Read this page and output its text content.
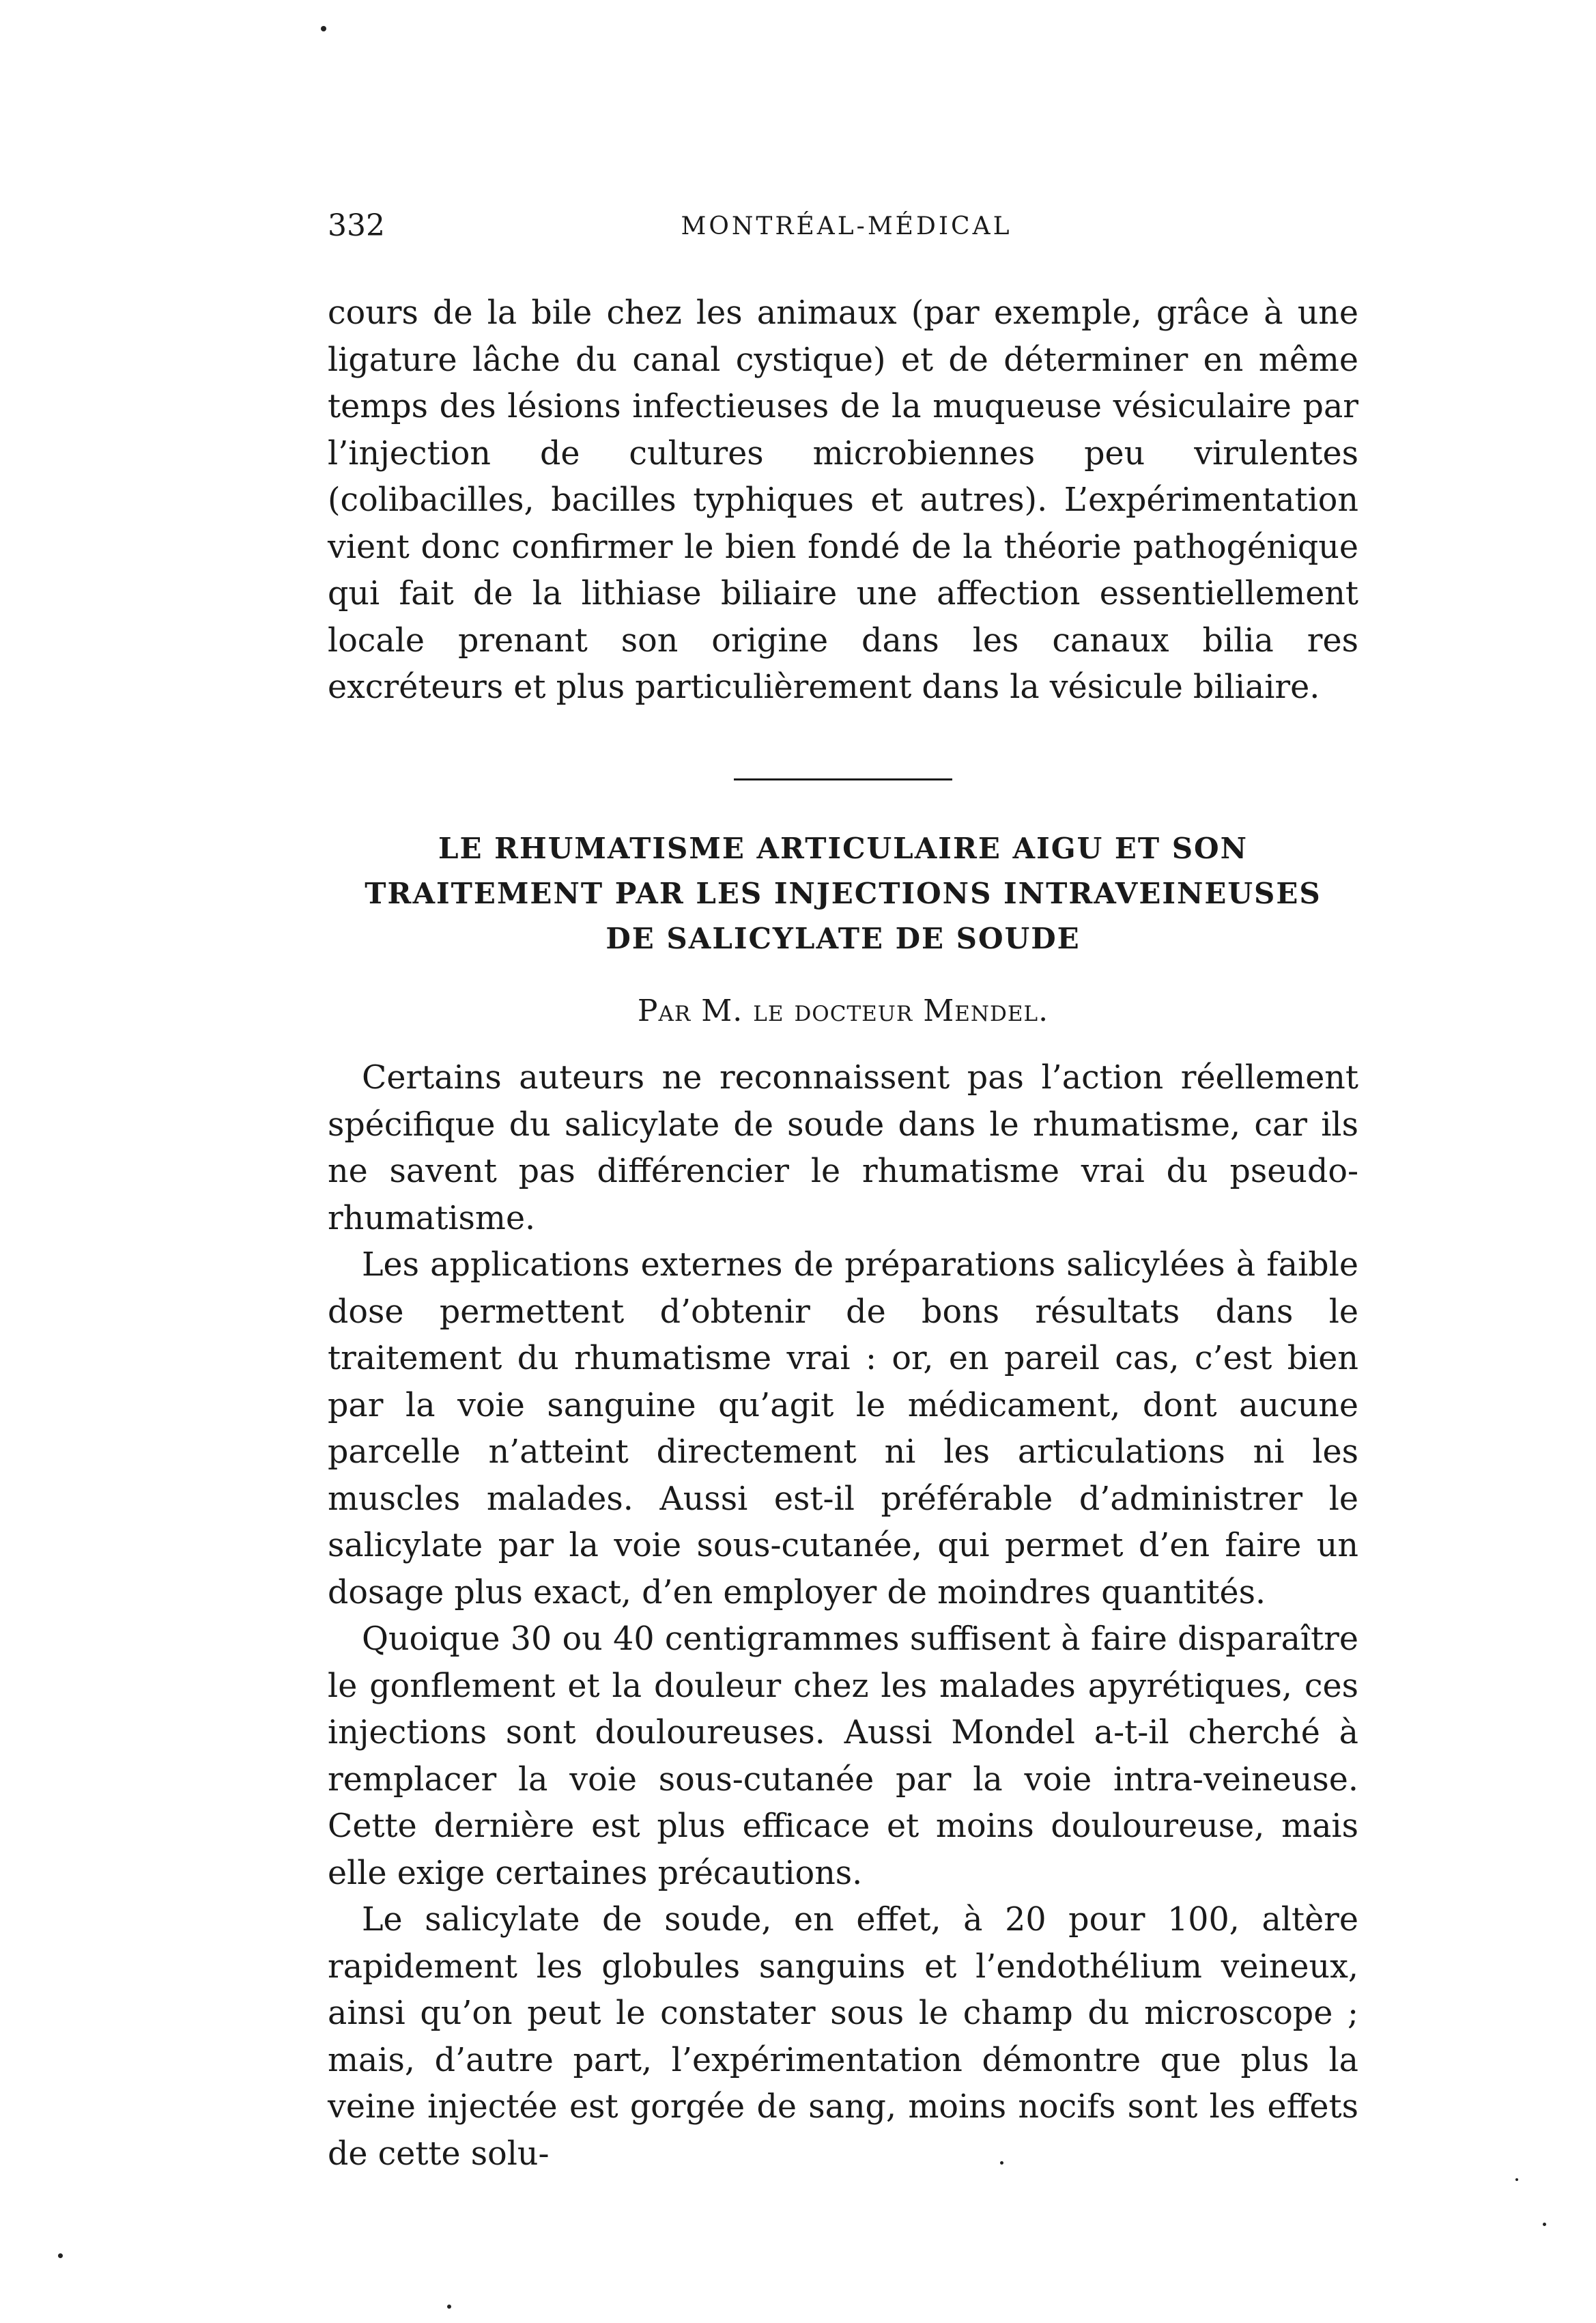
332	MONTRÉAL-MÉDICAL

cours de la bile chez les animaux (par exemple, grâce à une ligature lâche du canal cystique) et de déterminer en même temps des lésions infectieuses de la muqueuse vésiculaire par l’injection de cultures microbiennes peu virulentes (colibacilles, bacilles typhiques et autres). L’expérimentation vient donc confirmer le bien fondé de la théorie pathogénique qui fait de la lithiase biliaire une affection essentiellement locale prenant son origine dans les canaux bilia res excréteurs et plus particulièrement dans la vésicule biliaire.

LE RHUMATISME ARTICULAIRE AIGU ET SON
TRAITEMENT PAR LES INJECTIONS INTRAVEINEUSES
DE SALICYLATE DE SOUDE
Par M. le docteur Mendel.

Certains auteurs ne reconnaissent pas l’action réellement spécifique du salicylate de soude dans le rhumatisme, car ils ne savent pas différencier le rhumatisme vrai du pseudo-rhumatisme.

Les applications externes de préparations salicylées à faible dose permettent d’obtenir de bons résultats dans le traitement du rhumatisme vrai : or, en pareil cas, c’est bien par la voie sanguine qu’agit le médicament, dont aucune parcelle n’atteint directement ni les articulations ni les muscles malades. Aussi est-il préférable d’administrer le salicylate par la voie sous-cutanée, qui permet d’en faire un dosage plus exact, d’en employer de moindres quantités.

Quoique 30 ou 40 centigrammes suffisent à faire disparaître le gonflement et la douleur chez les malades apyrétiques, ces injections sont douloureuses. Aussi Mondel a-t-il cherché à remplacer la voie sous-cutanée par la voie intra-veineuse. Cette dernière est plus efficace et moins douloureuse, mais elle exige certaines précautions.

Le salicylate de soude, en effet, à 20 pour 100, altère rapidement les globules sanguins et l’endothélium veineux, ainsi qu’on peut le constater sous le champ du microscope ; mais, d’autre part, l’expérimentation démontre que plus la veine injectée est gorgée de sang, moins nocifs sont les effets de cette solu-
